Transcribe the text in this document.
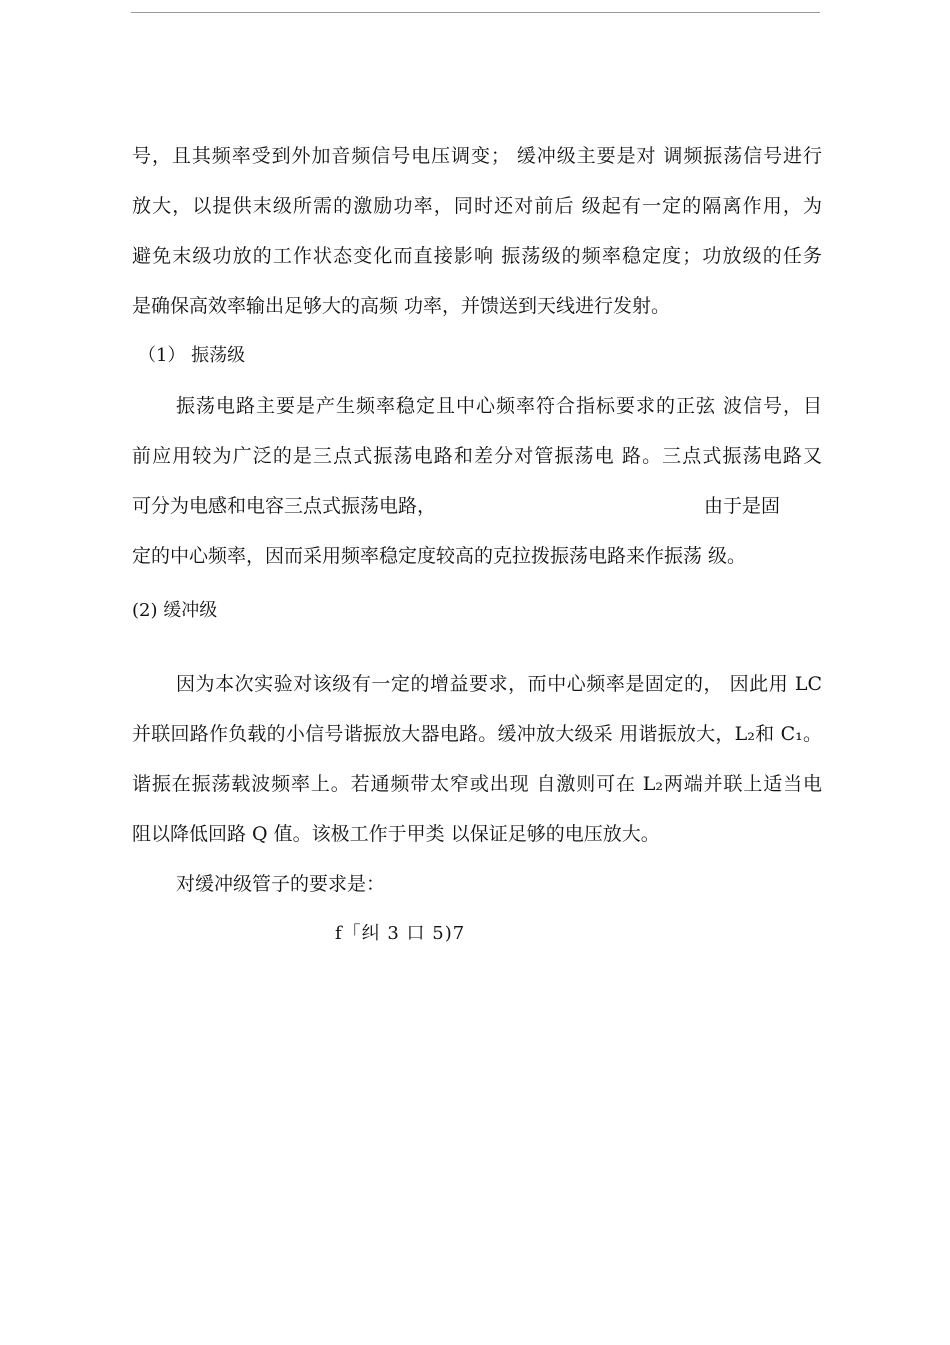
号，且其频率受到外加音频信号电压调变； 缓冲级主要是对 调频振荡信号进行
放大，以提供末级所需的激励功率，同时还对前后 级起有一定的隔离作用，为
避免末级功放的工作状态变化而直接影响 振荡级的频率稳定度；功放级的任务
是确保高效率输出足够大的高频 功率，并馈送到天线进行发射。
（1） 振荡级
振荡电路主要是产生频率稳定且中心频率符合指标要求的正弦 波信号，目
前应用较为广泛的是三点式振荡电路和差分对管振荡电 路。三点式振荡电路又
可分为电感和电容三点式振荡电路，	由于是固
定的中心频率，因而采用频率稳定度较高的克拉拨振荡电路来作振荡 级。
(2) 缓冲级
因为本次实验对该级有一定的增益要求，而中心频率是固定的， 因此用 LC
并联回路作负载的小信号谐振放大器电路。缓冲放大级采 用谐振放大，L₂和 C₁。
谐振在振荡载波频率上。若通频带太窄或出现 自激则可在 L₂两端并联上适当电
阻以降低回路 Q 值。该极工作于甲类 以保证足够的电压放大。
对缓冲级管子的要求是：
f「纠 3 口 5)7
